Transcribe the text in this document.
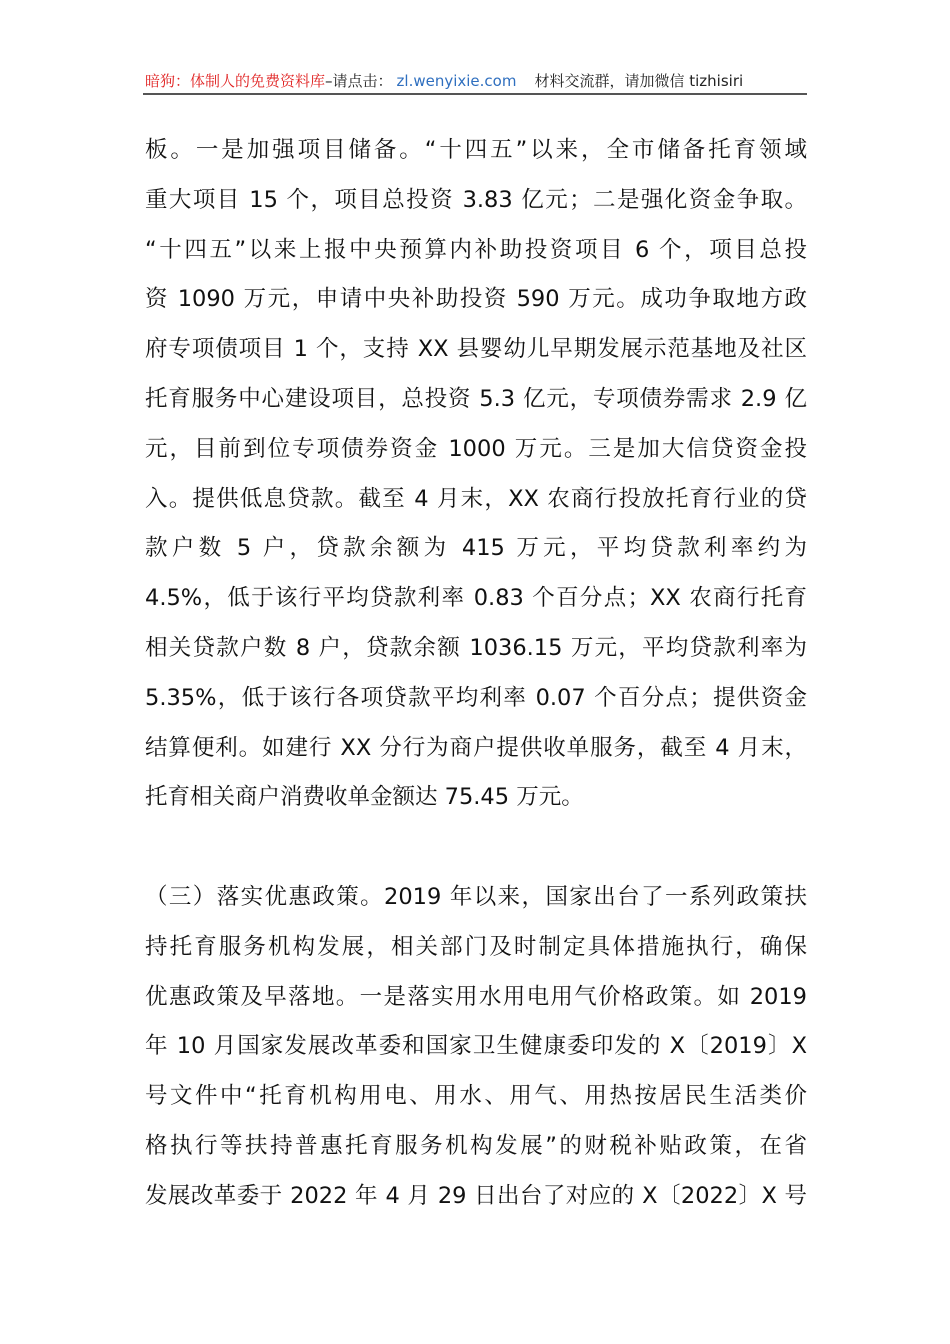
暗狗：体制人的免费资料库 –请点击： zl.wenyixie.com 材料交流群，请加微信 tizhisiri
板。一是加强项目储备。“十四五”以来，全市储备托育领域
重大项目 15 个，项目总投资 3.83 亿元；二是强化资金争取。
“十四五”以来上报中央预算内补助投资项目 6 个，项目总投
资 1090 万元，申请中央补助投资 590 万元。成功争取地方政
府专项债项目 1 个，支持 XX 县婴幼儿早期发展示范基地及社区
托育服务中心建设项目，总投资 5.3 亿元，专项债券需求 2.9 亿
元，目前到位专项债券资金 1000 万元。三是加大信贷资金投
入。提供低息贷款。截至 4 月末，XX 农商行投放托育行业的贷
款户数 5 户，贷款余额为 415 万元，平均贷款利率约为
4.5%，低于该行平均贷款利率 0.83 个百分点；XX 农商行托育
相关贷款户数 8 户，贷款余额 1036.15 万元，平均贷款利率为
5.35%，低于该行各项贷款平均利率 0.07 个百分点；提供资金
结算便利。如建行 XX 分行为商户提供收单服务，截至 4 月末，
托育相关商户消费收单金额达 75.45 万元。
（三）落实优惠政策。2019 年以来，国家出台了一系列政策扶
持托育服务机构发展，相关部门及时制定具体措施执行，确保
优惠政策及早落地。一是落实用水用电用气价格政策。如 2019
年 10 月国家发展改革委和国家卫生健康委印发的 X〔2019〕X
号文件中“托育机构用电、用水、用气、用热按居民生活类价
格执行等扶持普惠托育服务机构发展”的财税补贴政策，在省
发展改革委于 2022 年 4 月 29 日出台了对应的 X〔2022〕X 号
